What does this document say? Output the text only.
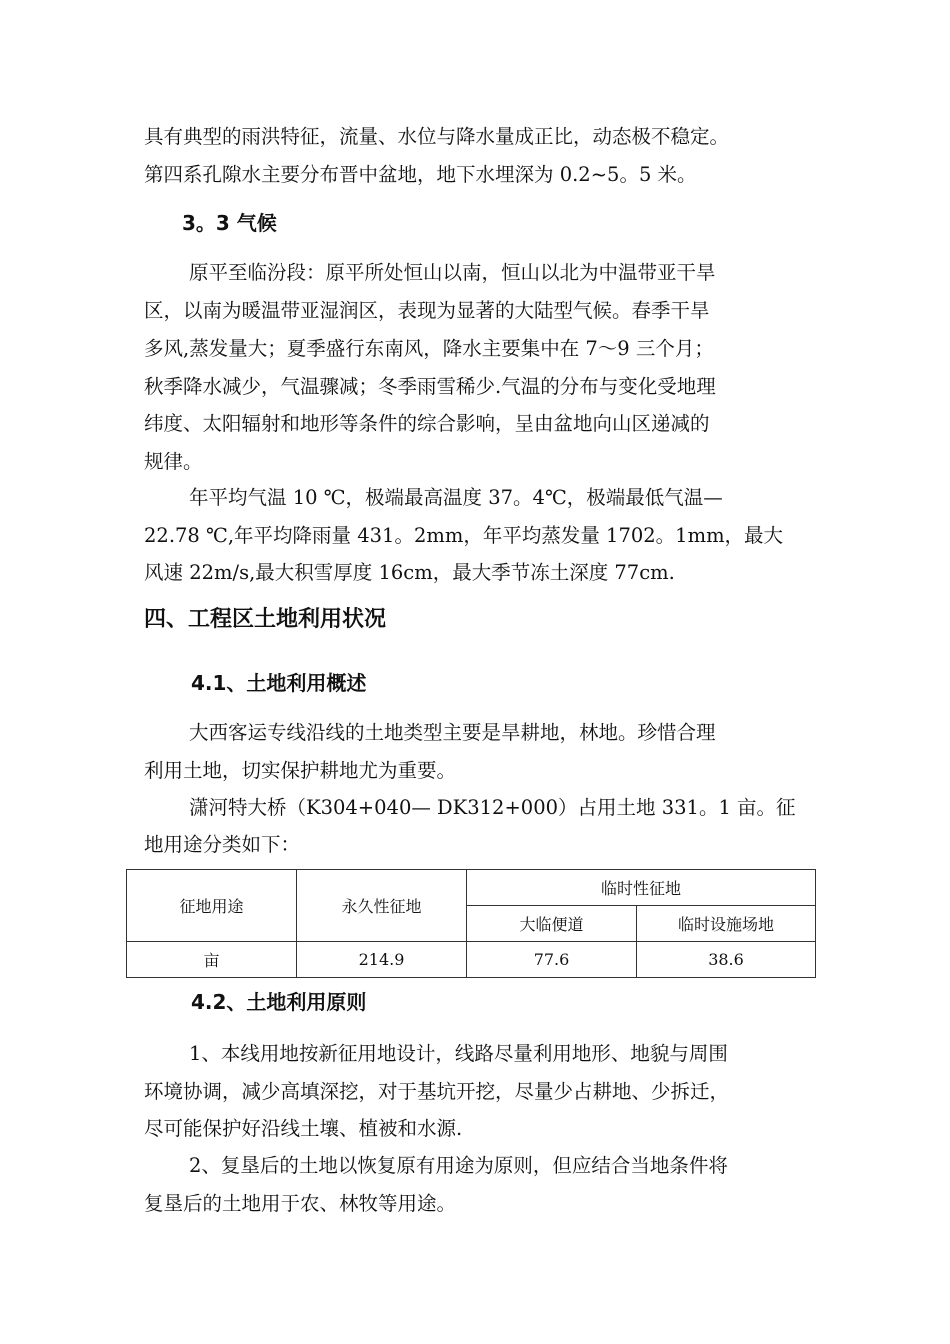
具有典型的雨洪特征，流量、水位与降水量成正比，动态极不稳定。
第四系孔隙水主要分布晋中盆地，地下水埋深为 0.2~5。5 米。
3。3 气候
原平至临汾段：原平所处恒山以南，恒山以北为中温带亚干旱
区，以南为暖温带亚湿润区，表现为显著的大陆型气候。春季干旱
多风,蒸发量大；夏季盛行东南风，降水主要集中在 7～9 三个月；
秋季降水减少，气温骤减；冬季雨雪稀少.气温的分布与变化受地理
纬度、太阳辐射和地形等条件的综合影响，呈由盆地向山区递减的
规律。
年平均气温 10 ℃，极端最高温度 37。4℃，极端最低气温—
22.78 ℃,年平均降雨量 431。2mm，年平均蒸发量 1702。1mm，最大
风速 22m/s,最大积雪厚度 16cm，最大季节冻土深度 77cm.
四、工程区土地利用状况
4.1、土地利用概述
大西客运专线沿线的土地类型主要是旱耕地，林地。珍惜合理
利用土地，切实保护耕地尤为重要。
潇河特大桥（K304+040— DK312+000）占用土地 331。1 亩。征
地用途分类如下：
征地用途	永久性征地	临时性征地	
		大临便道	临时设施场地
亩	214.9	77.6	38.6
4.2、土地利用原则
1、本线用地按新征用地设计，线路尽量利用地形、地貌与周围
环境协调，减少高填深挖，对于基坑开挖，尽量少占耕地、少拆迁，
尽可能保护好沿线土壤、植被和水源.
2、复垦后的土地以恢复原有用途为原则，但应结合当地条件将
复垦后的土地用于农、林牧等用途。
